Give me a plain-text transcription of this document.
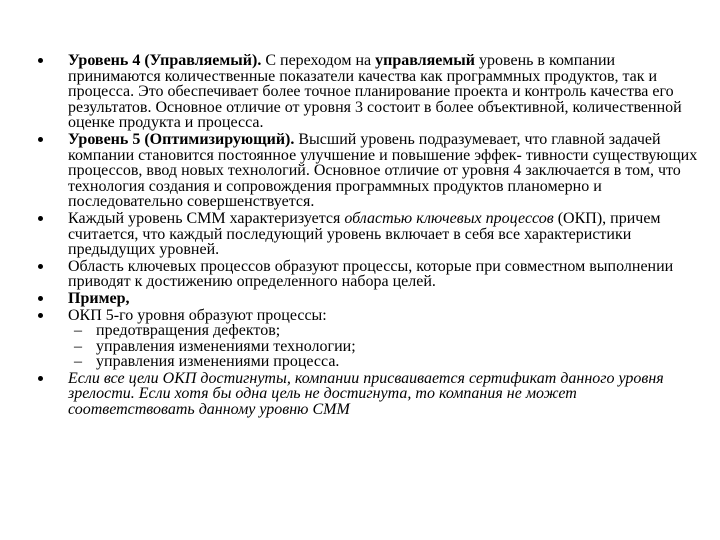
Уровень 4 (Управляемый). С переходом на управляемый уровень в компании принимаются количественные показатели качества как программных продуктов, так и процесса. Это обеспечивает более точное планирование проекта и контроль качества его результатов. Основное отличие от уровня 3 состоит в более объективной, количественной оценке продукта и процесса.
Уровень 5 (Оптимизирующий). Высший уровень подразумевает, что главной задачей компании становится постоянное улучшение и повышение эффек- тивности существующих процессов, ввод новых технологий. Основное отличие от уровня 4 заключается в том, что технология создания и сопровождения программных продуктов планомерно и последовательно совершенствуется.
Каждый уровень СММ характеризуется областью ключевых процессов (ОКП), причем считается, что каждый последующий уровень включает в себя все характеристики предыдущих уровней.
Область ключевых процессов образуют процессы, которые при совместном выполнении приводят к достижению определенного набора целей.
Пример,
ОКП 5-го уровня образуют процессы:
– предотвращения дефектов;
– управления изменениями технологии;
– управления изменениями процесса.
Если все цели ОКП достигнуты, компании присваивается сертификат данного уровня зрелости. Если хотя бы одна цель не достигнута, то компания не может соответствовать данному уровню СММ
